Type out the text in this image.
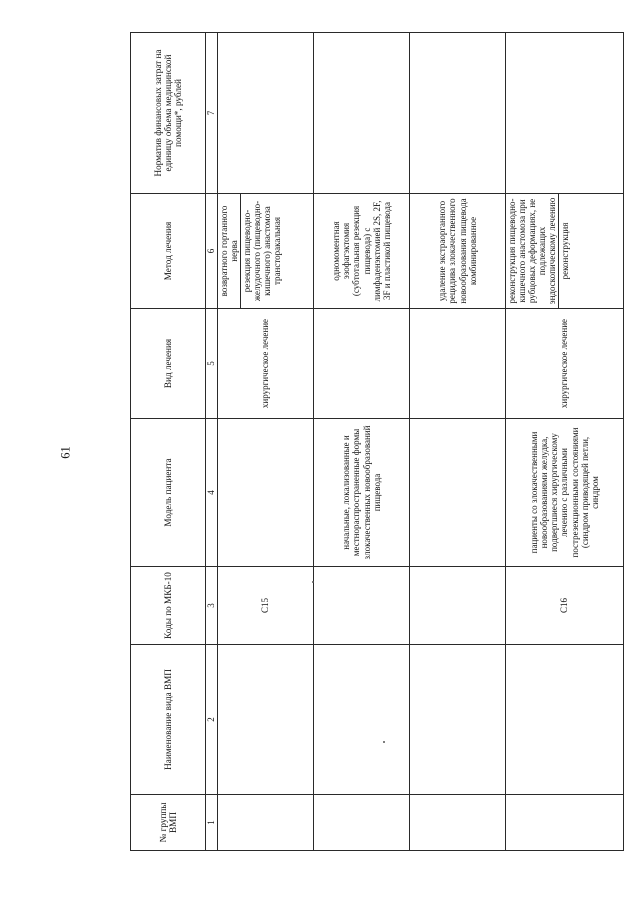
61
№ группы ВМП	Наименование вида ВМП	Коды по МКБ-10	Модель пациента	Вид лечения	Метод лечения	Норматив финансовых затрат на единицу объема медицинской помощи*, рублей
1	2	3	4	5	6	7
		C15		хирургическое лечение	возвратного гортанного нерва резекция пищеводно-желудочного (пищеводно-кишечного) анастомоза трансторакальная	

			начальные, локализованные и местнораспространенные формы злокачественных новообразований пищевода		одномоментная эзофагэктомия (субтотальная резекция пищевода) с лимфаденэктомией 2S, 2F, 3F и пластикой пищевода	
					удаление экстраорганного рецидива злокачественного новообразования пищевода комбинированное	
		C16	пациенты со злокачественными новообразованиями желудка, подвергшиеся хирургическому лечению с различными пострезекционными состояниями (синдром приводящей петли, синдром	хирургическое лечение	реконструкция пищеводно-кишечного анастомоза при рубцовых деформациях, не подлежащих эндоскопическому лечению реконструкция	
